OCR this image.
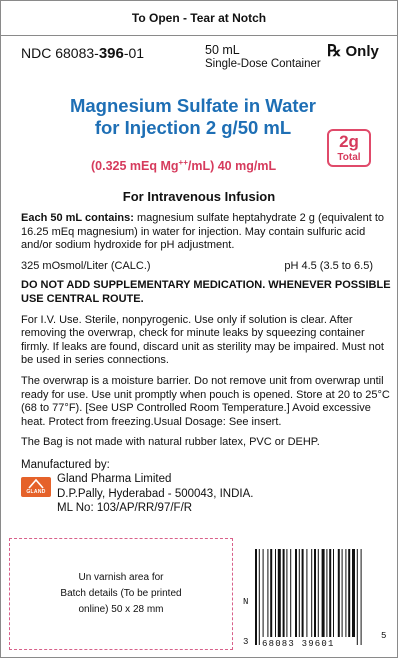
To Open - Tear at Notch
NDC 68083-396-01	50 mL
Single-Dose Container
℞ Only
Magnesium Sulfate in Water
for Injection 2 g/50 mL
2g
Total
(0.325 mEq Mg++/mL) 40 mg/mL
For Intravenous Infusion

Each 50 mL contains: magnesium sulfate heptahydrate 2 g (equivalent to 16.25 mEq magnesium) in water for injection. May contain sulfuric acid and/or sodium hydroxide for pH adjustment.

325 mOsmol/Liter (CALC.)	pH 4.5 (3.5 to 6.5)

DO NOT ADD SUPPLEMENTARY MEDICATION. WHENEVER POSSIBLE USE CENTRAL ROUTE.

For I.V. Use. Sterile, nonpyrogenic. Use only if solution is clear. After removing the overwrap, check for minute leaks by squeezing container firmly. If leaks are found, discard unit as sterility may be impaired. Must not be used in series connections.

The overwrap is a moisture barrier. Do not remove unit from overwrap until ready for use. Use unit promptly when pouch is opened. Store at 20 to 25°C (68 to 77°F). [See USP Controlled Room Temperature.] Avoid excessive heat. Protect from freezing.Usual Dosage: See insert.

The Bag is not made with natural rubber latex, PVC or DEHP.

Manufactured by:
GLAND
Gland Pharma Limited
D.P.Pally, Hyderabad - 500043, INDIA.
ML No: 103/AP/RR/97/F/R
Un varnish area for
Batch details (To be printed
online) 50 x 28 mm
N
3 68083 39601
5
